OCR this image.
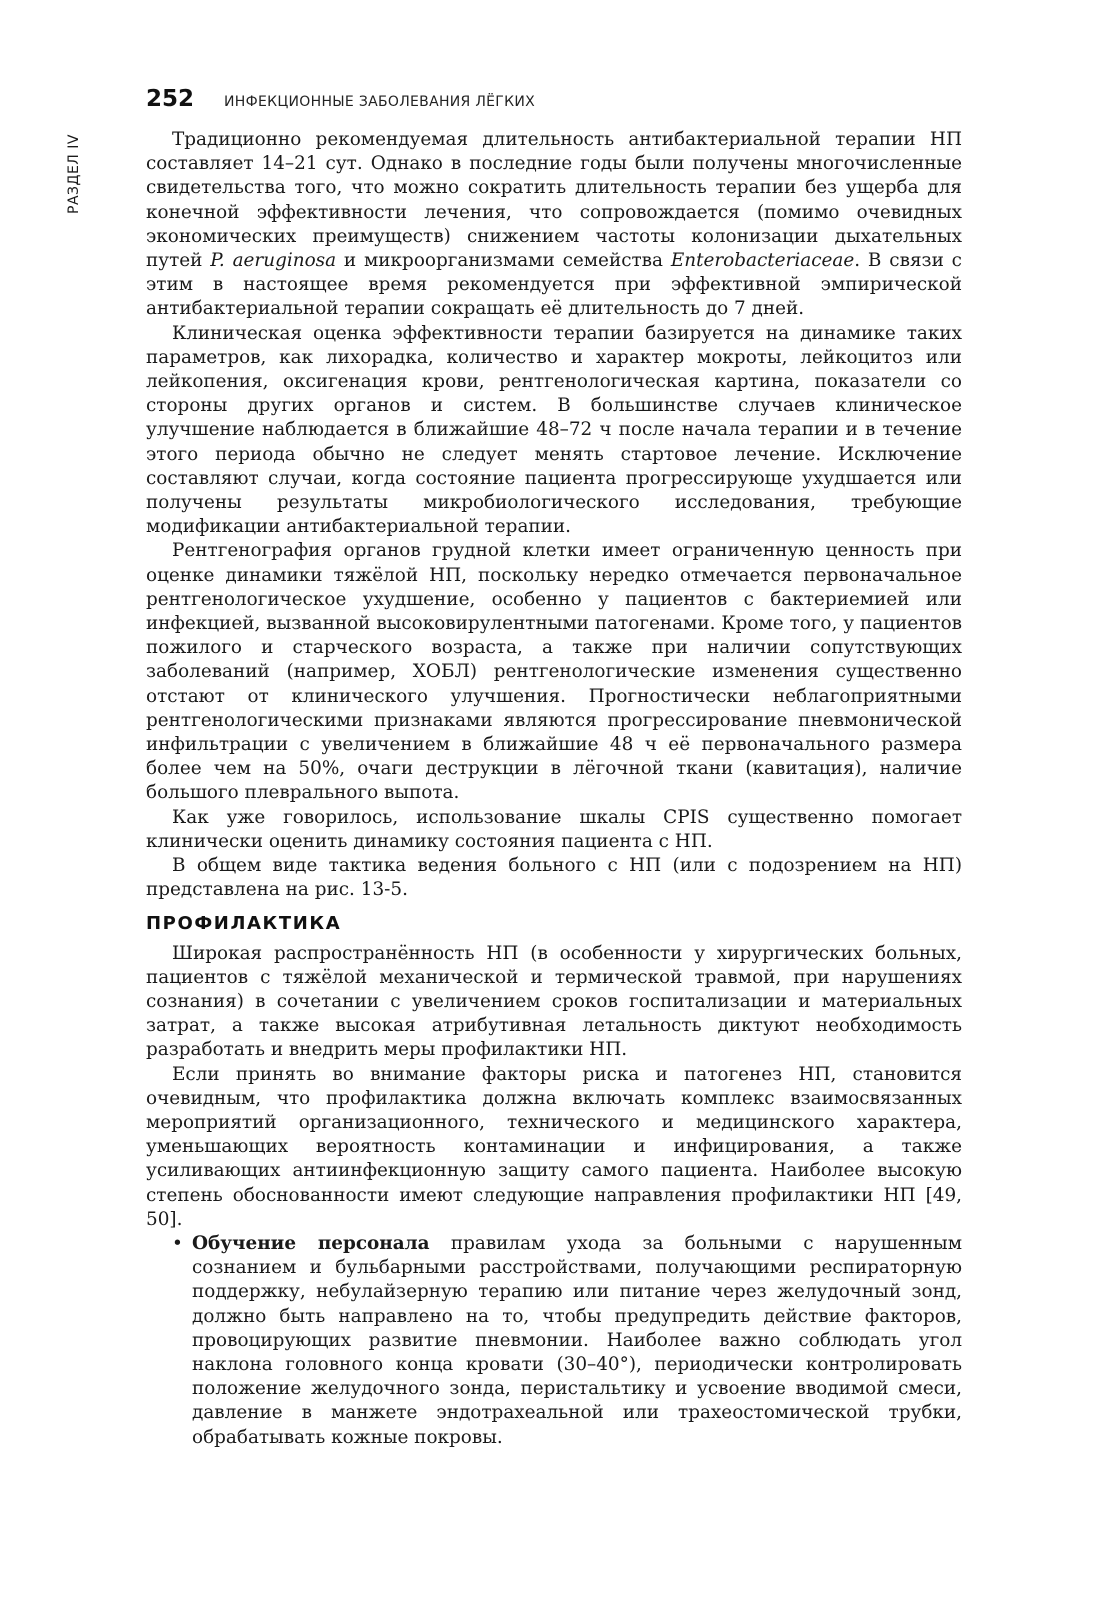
РАЗДЕЛ IV
252 ИНФЕКЦИОННЫЕ ЗАБОЛЕВАНИЯ ЛЁГКИХ

Традиционно рекомендуемая длительность антибактериальной терапии НП составляет 14–21 сут. Однако в последние годы были получены многочисленные свидетельства того, что можно сократить длительность терапии без ущерба для конечной эффективности лечения, что сопровождается (помимо очевидных экономических преимуществ) снижением частоты колонизации дыхательных путей P. aeruginosa и микроорганизмами семейства Enterobacteriaceae. В связи с этим в настоящее время рекомендуется при эффективной эмпирической антибактериальной терапии сокращать её длительность до 7 дней.

Клиническая оценка эффективности терапии базируется на динамике таких параметров, как лихорадка, количество и характер мокроты, лейкоцитоз или лейкопения, оксигенация крови, рентгенологическая картина, показатели со стороны других органов и систем. В большинстве случаев клиническое улучшение наблюдается в ближайшие 48–72 ч после начала терапии и в течение этого периода обычно не следует менять стартовое лечение. Исключение составляют случаи, когда состояние пациента прогрессирующе ухудшается или получены результаты микробиологического исследования, требующие модификации антибактериальной терапии.

Рентгенография органов грудной клетки имеет ограниченную ценность при оценке динамики тяжёлой НП, поскольку нередко отмечается первоначальное рентгенологическое ухудшение, особенно у пациентов с бактериемией или инфекцией, вызванной высоковирулентными патогенами. Кроме того, у пациентов пожилого и старческого возраста, а также при наличии сопутствующих заболеваний (например, ХОБЛ) рентгенологические изменения существенно отстают от клинического улучшения. Прогностически неблагоприятными рентгенологическими признаками являются прогрессирование пневмонической инфильтрации с увеличением в ближайшие 48 ч её первоначального размера более чем на 50%, очаги деструкции в лёгочной ткани (кавитация), наличие большого плеврального выпота.

Как уже говорилось, использование шкалы CPIS существенно помогает клинически оценить динамику состояния пациента с НП.

В общем виде тактика ведения больного с НП (или с подозрением на НП) представлена на рис. 13-5.

ПРОФИЛАКТИКА

Широкая распространённость НП (в особенности у хирургических больных, пациентов с тяжёлой механической и термической травмой, при нарушениях сознания) в сочетании с увеличением сроков госпитализации и материальных затрат, а также высокая атрибутивная летальность диктуют необходимость разработать и внедрить меры профилактики НП.

Если принять во внимание факторы риска и патогенез НП, становится очевидным, что профилактика должна включать комплекс взаимосвязанных мероприятий организационного, технического и медицинского характера, уменьшающих вероятность контаминации и инфицирования, а также усиливающих антиинфекционную защиту самого пациента. Наиболее высокую степень обоснованности имеют следующие направления профилактики НП [49, 50].

• Обучение персонала правилам ухода за больными с нарушенным сознанием и бульбарными расстройствами, получающими респираторную поддержку, небулайзерную терапию или питание через желудочный зонд, должно быть направлено на то, чтобы предупредить действие факторов, провоцирующих развитие пневмонии. Наиболее важно соблюдать угол наклона головного конца кровати (30–40°), периодически контролировать положение желудочного зонда, перистальтику и усвоение вводимой смеси, давление в манжете эндотрахеальной или трахеостомической трубки, обрабатывать кожные покровы.
